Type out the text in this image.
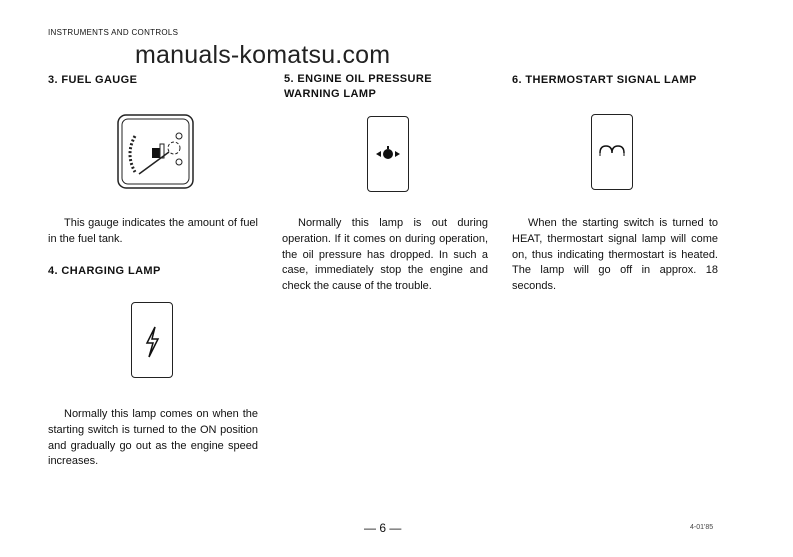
INSTRUMENTS AND CONTROLS
manuals-komatsu.com
3. FUEL GAUGE
This gauge indicates the amount of fuel in the fuel tank.
4. CHARGING LAMP
Normally this lamp comes on when the starting switch is turned to the ON position and gradually go out as the engine speed increases.
5. ENGINE OIL PRESSURE WARNING LAMP
Normally this lamp is out during operation. If it comes on during operation, the oil pressure has dropped. In such a case, immediately stop the engine and check the cause of the trouble.
6. THERMOSTART SIGNAL LAMP
When the starting switch is turned to HEAT, thermostart signal lamp will come on, thus indicating thermostart is heated. The lamp will go off in approx. 18 seconds.
— 6 —	4-01'85
